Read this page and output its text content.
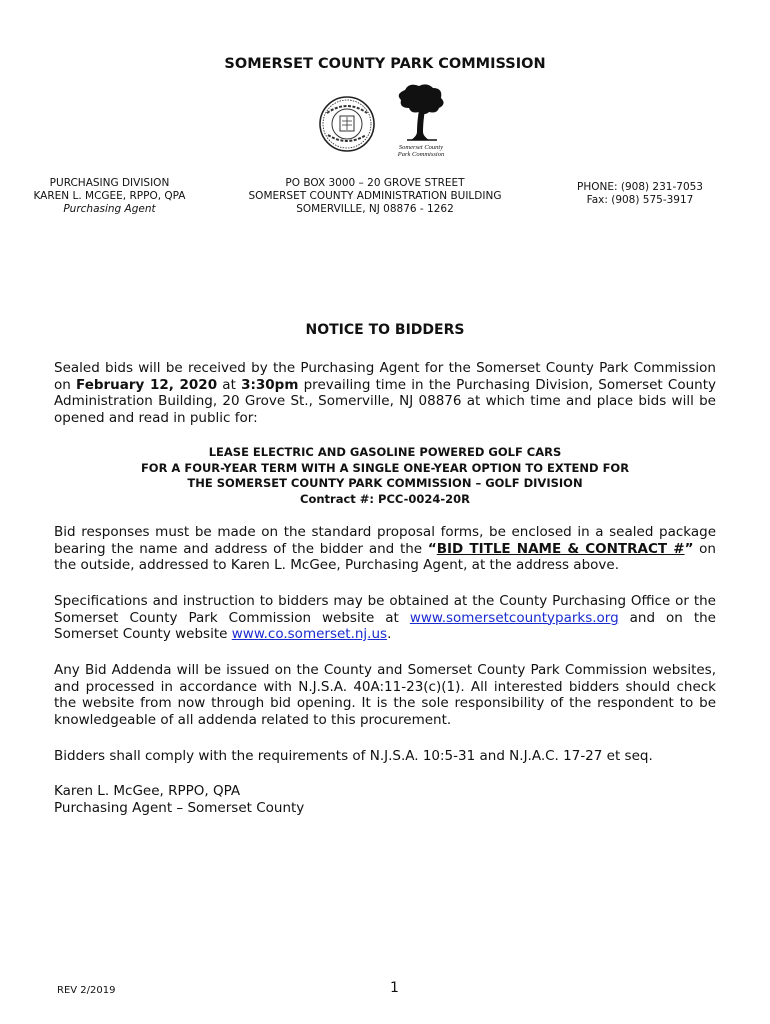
SOMERSET COUNTY PARK COMMISSION
Somerset County
Park Commission
PURCHASING DIVISION
KAREN L. MCGEE, RPPO, QPA
Purchasing Agent
PO BOX 3000 – 20 GROVE STREET
SOMERSET COUNTY ADMINISTRATION BUILDING
SOMERVILLE, NJ 08876 - 1262
PHONE: (908) 231-7053
Fax: (908) 575-3917
NOTICE TO BIDDERS
Sealed bids will be received by the Purchasing Agent for the Somerset County Park Commission on February 12, 2020 at 3:30pm prevailing time in the Purchasing Division, Somerset County Administration Building, 20 Grove St., Somerville, NJ 08876 at which time and place bids will be opened and read in public for:
LEASE ELECTRIC AND GASOLINE POWERED GOLF CARS
FOR A FOUR-YEAR TERM WITH A SINGLE ONE-YEAR OPTION TO EXTEND FOR
THE SOMERSET COUNTY PARK COMMISSION – GOLF DIVISION
Contract #: PCC-0024-20R
Bid responses must be made on the standard proposal forms, be enclosed in a sealed package bearing the name and address of the bidder and the “BID TITLE NAME & CONTRACT #” on the outside, addressed to Karen L. McGee, Purchasing Agent, at the address above.
Specifications and instruction to bidders may be obtained at the County Purchasing Office or the Somerset County Park Commission website at www.somersetcountyparks.org and on the Somerset County website www.co.somerset.nj.us.
Any Bid Addenda will be issued on the County and Somerset County Park Commission websites, and processed in accordance with N.J.S.A. 40A:11-23(c)(1). All interested bidders should check the website from now through bid opening. It is the sole responsibility of the respondent to be knowledgeable of all addenda related to this procurement.
Bidders shall comply with the requirements of N.J.S.A. 10:5-31 and N.J.A.C. 17-27 et seq.
Karen L. McGee, RPPO, QPA
Purchasing Agent – Somerset County
REV 2/2019	1
